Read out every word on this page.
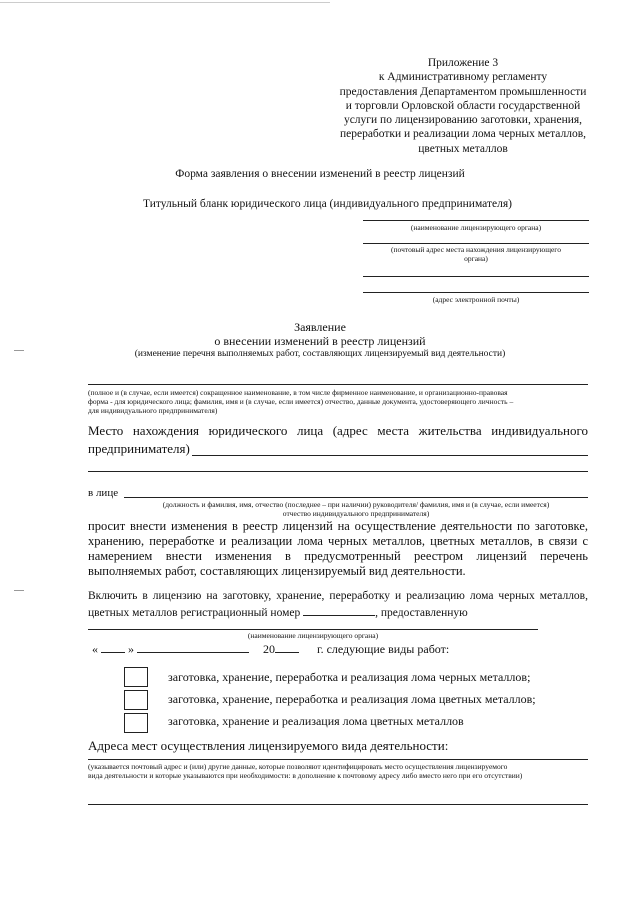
Приложение 3
к Административному регламенту
предоставления Департаментом промышленности
и торговли Орловской области государственной
услуги по лицензированию заготовки, хранения,
переработки и реализации лома черных металлов,
цветных металлов
Форма заявления о внесении изменений в реестр лицензий
Титульный бланк юридического лица (индивидуального предпринимателя)
(наименование лицензирующего органа)
(почтовый адрес места нахождения лицензирующего
органа)
(адрес электронной почты)
Заявление
о внесении изменений в реестр лицензий
(изменение перечня выполняемых работ, составляющих лицензируемый вид деятельности)
(полное и (в случае, если имеется) сокращенное наименование, в том числе фирменное наименование, и организационно-правовая
форма - для юридического лица; фамилия, имя и (в случае, если имеется) отчество, данные документа, удостоверяющего личность –
для индивидуального предпринимателя)
Место нахождения юридического лица (адрес места жительства индивидуального
предпринимателя)
в лице
(должность и фамилия, имя, отчество (последнее – при наличии) руководителя/ фамилия, имя и (в случае, если имеется)
отчество индивидуального предпринимателя)
просит внести изменения в реестр лицензий на осуществление деятельности по заготовке,
хранению, переработке и реализации лома черных металлов, цветных металлов, в связи с
намерением внести изменения в предусмотренный реестром лицензий перечень
выполняемых работ, составляющих лицензируемый вид деятельности.
Включить в лицензию на заготовку, хранение, переработку и реализацию лома черных металлов,
цветных металлов регистрационный номер	, предоставленную
(наименование лицензирующего органа)
«	»	20	г. следующие виды работ:
заготовка, хранение, переработка и реализация лома черных металлов;
заготовка, хранение, переработка и реализация лома цветных металлов;
заготовка, хранение и реализация лома цветных металлов
Адреса мест осуществления лицензируемого вида деятельности:
(указывается почтовый адрес и (или) другие данные, которые позволяют идентифицировать место осуществления лицензируемого
вида деятельности и которые указываются при необходимости: в дополнение к почтовому адресу либо вместо него при его отсутствии)
